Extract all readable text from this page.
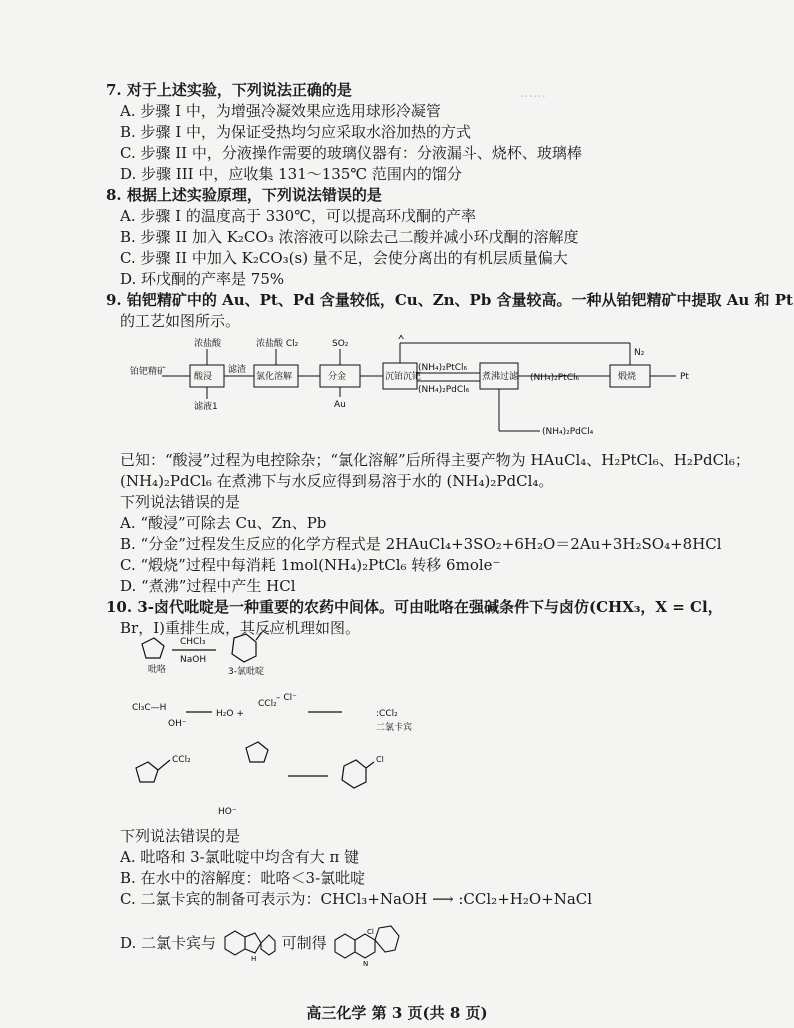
……
7. 对于上述实验，下列说法正确的是
A. 步骤 I 中，为增强冷凝效果应选用球形冷凝管
B. 步骤 I 中，为保证受热均匀应采取水浴加热的方式
C. 步骤 II 中，分液操作需要的玻璃仪器有：分液漏斗、烧杯、玻璃棒
D. 步骤 III 中，应收集 131～135℃ 范围内的馏分
8. 根据上述实验原理，下列说法错误的是
A. 步骤 I 的温度高于 330℃，可以提高环戊酮的产率
B. 步骤 II 加入 K₂CO₃ 浓溶液可以除去己二酸并减小环戊酮的溶解度
C. 步骤 II 中加入 K₂CO₃(s) 量不足，会使分离出的有机层质量偏大
D. 环戊酮的产率是 75%
9. 铂钯精矿中的 Au、Pt、Pd 含量较低，Cu、Zn、Pb 含量较高。一种从铂钯精矿中提取 Au 和 Pt
的工艺如图所示。
铂钯精矿	酸浸
浓盐酸
滤液1
滤渣
氯化溶解
浓盐酸 Cl₂
分金
SO₂
Au
沉铂沉钯
X
(NH₄)₂PtCl₆
(NH₄)₂PdCl₆
煮沸过滤 (NH₄)₂PtCl₆
(NH₄)₂PdCl₄
煅烧
N₂
Pt
已知：“酸浸”过程为电控除杂；“氯化溶解”后所得主要产物为 HAuCl₄、H₂PtCl₆、H₂PdCl₆；
(NH₄)₂PdCl₆ 在煮沸下与水反应得到易溶于水的 (NH₄)₂PdCl₄。
下列说法错误的是
A. “酸浸”可除去 Cu、Zn、Pb
B. “分金”过程发生反应的化学方程式是 2HAuCl₄+3SO₂+6H₂O＝2Au+3H₂SO₄+8HCl
C. “煅烧”过程中每消耗 1mol(NH₄)₂PtCl₆ 转移 6mole⁻
D. “煮沸”过程中产生 HCl
10. 3-卤代吡啶是一种重要的农药中间体。可由吡咯在强碱条件下与卤仿(CHX₃，X = Cl，
Br，I)重排生成，其反应机理如图。
吡咯
CHCl₃
NaOH
3-氯吡啶
Cl₃C—H
OH⁻
H₂O +
CCl₂
– Cl⁻
:CCl₂
二氯卡宾
CCl₂
HO⁻
Cl
下列说法错误的是
A. 吡咯和 3-氯吡啶中均含有大 π 键
B. 在水中的溶解度：吡咯＜3-氯吡啶
C. 二氯卡宾的制备可表示为：CHCl₃+NaOH ⟶ :CCl₂+H₂O+NaCl
D. 二氯卡宾与
H
可制得
Cl
N
高三化学 第 3 页(共 8 页)
